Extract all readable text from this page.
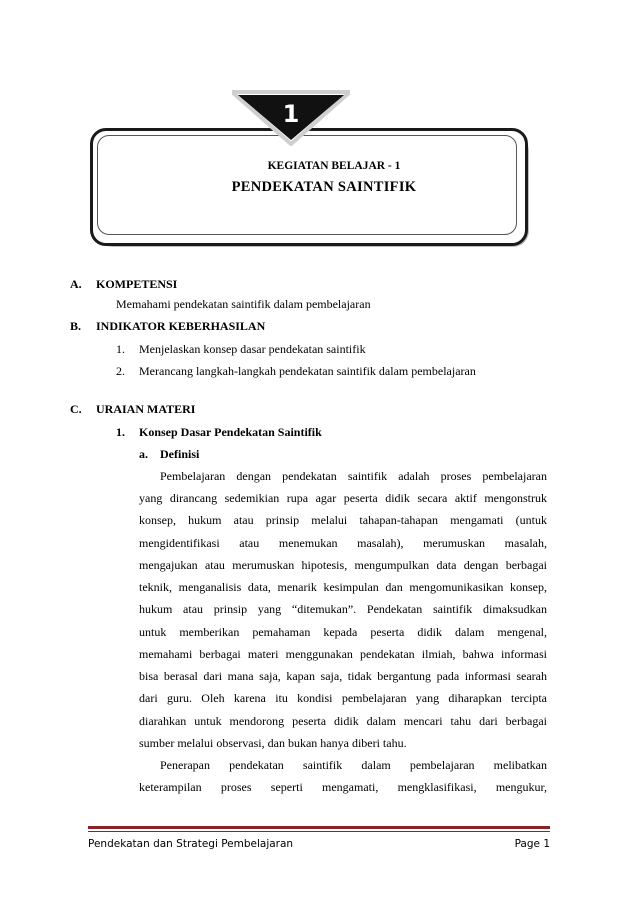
1
KEGIATAN BELAJAR - 1
PENDEKATAN SAINTIFIK
A. KOMPETENSI
Memahami pendekatan saintifik dalam pembelajaran
B. INDIKATOR KEBERHASILAN
1. Menjelaskan konsep dasar pendekatan saintifik
2. Merancang langkah-langkah pendekatan saintifik dalam pembelajaran
C. URAIAN MATERI
1. Konsep Dasar Pendekatan Saintifik
a. Definisi
Pembelajaran dengan pendekatan saintifik adalah proses pembelajaran
yang dirancang sedemikian rupa agar peserta didik secara aktif mengonstruk
konsep, hukum atau prinsip melalui tahapan-tahapan mengamati (untuk
mengidentifikasi atau menemukan masalah), merumuskan masalah,
mengajukan atau merumuskan hipotesis, mengumpulkan data dengan berbagai
teknik, menganalisis data, menarik kesimpulan dan mengomunikasikan konsep,
hukum atau prinsip yang “ditemukan”. Pendekatan saintifik dimaksudkan
untuk memberikan pemahaman kepada peserta didik dalam mengenal,
memahami berbagai materi menggunakan pendekatan ilmiah, bahwa informasi
bisa berasal dari mana saja, kapan saja, tidak bergantung pada informasi searah
dari guru. Oleh karena itu kondisi pembelajaran yang diharapkan tercipta
diarahkan untuk mendorong peserta didik dalam mencari tahu dari berbagai
sumber melalui observasi, dan bukan hanya diberi tahu.
Penerapan pendekatan saintifik dalam pembelajaran melibatkan
keterampilan proses seperti mengamati, mengklasifikasi, mengukur,
Pendekatan dan Strategi Pembelajaran	Page 1
